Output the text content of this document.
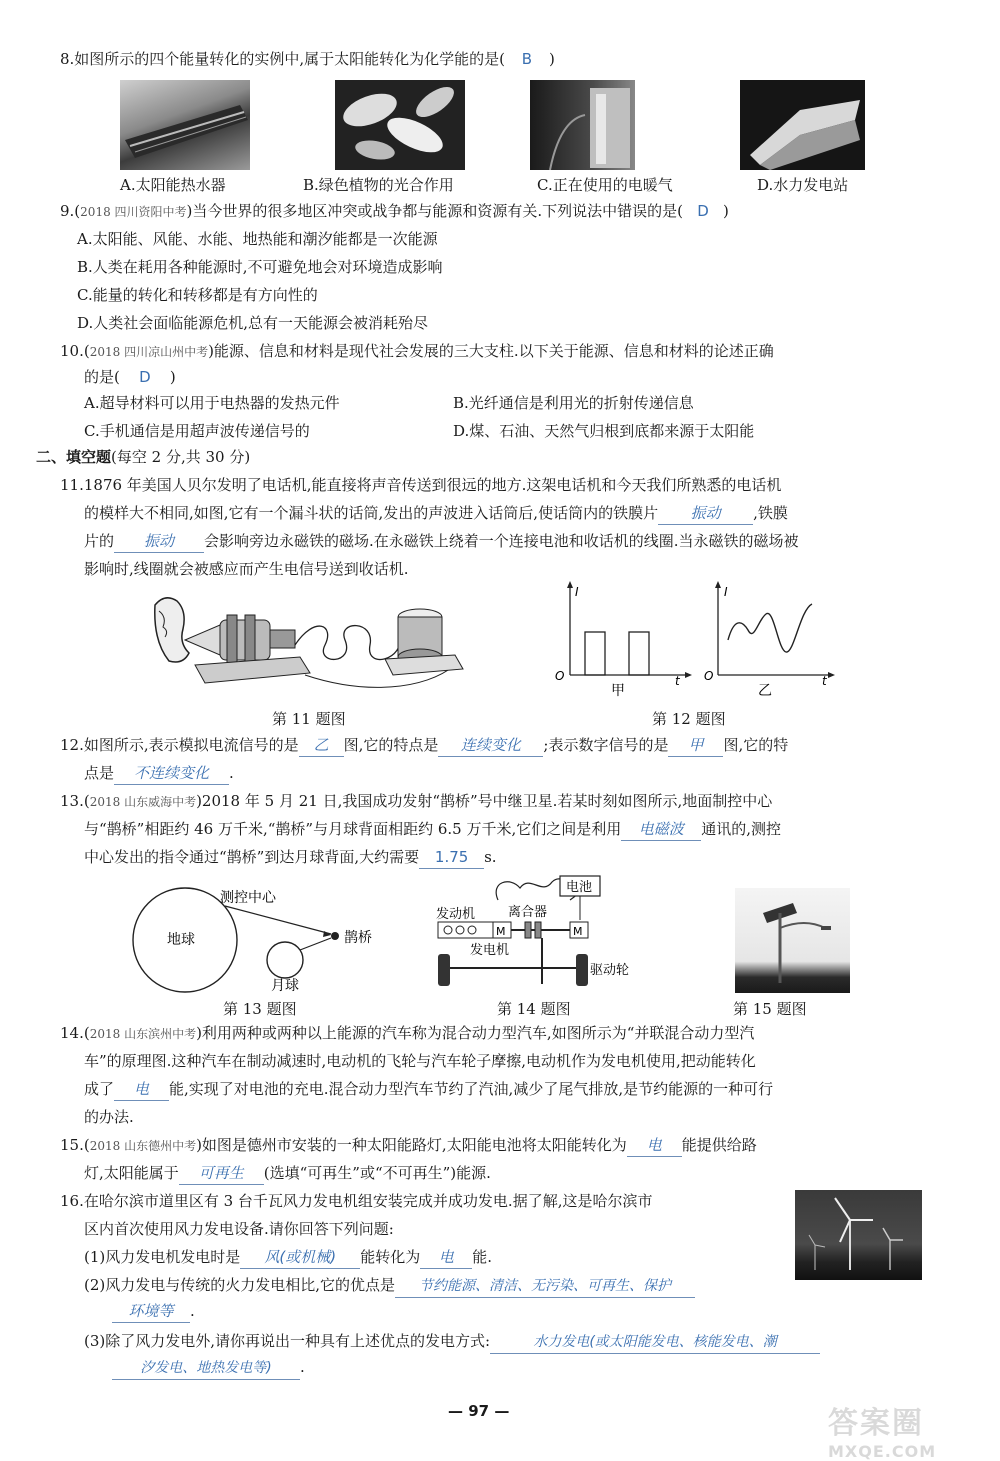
8.如图所示的四个能量转化的实例中,属于太阳能转化为化学能的是( B )
A.太阳能热水器	B.绿色植物的光合作用	C.正在使用的电暖气	D.水力发电站
9.(2018 四川资阳中考)当今世界的很多地区冲突或战争都与能源和资源有关.下列说法中错误的是( D )
A.太阳能、风能、水能、地热能和潮汐能都是一次能源
B.人类在耗用各种能源时,不可避免地会对环境造成影响
C.能量的转化和转移都是有方向性的
D.人类社会面临能源危机,总有一天能源会被消耗殆尽
10.(2018 四川凉山州中考)能源、信息和材料是现代社会发展的三大支柱.以下关于能源、信息和材料的论述正确
的是( D )
A.超导材料可以用于电热器的发热元件	B.光纤通信是利用光的折射传递信息
C.手机通信是用超声波传递信号的	D.煤、石油、天然气归根到底都来源于太阳能
二、填空题(每空 2 分,共 30 分)
11.1876 年美国人贝尔发明了电话机,能直接将声音传送到很远的地方.这架电话机和今天我们所熟悉的电话机
的模样大不相同,如图,它有一个漏斗状的话筒,发出的声波进入话筒后,使话筒内的铁膜片 振动 ,铁膜
片的 振动 会影响旁边永磁铁的磁场.在永磁铁上绕着一个连接电池和收话机的线圈.当永磁铁的磁场被
影响时,线圈就会被感应而产生电信号送到收话机.
第 11 题图
I
O	t
甲
I
O	t
乙
第 12 题图
12.如图所示,表示模拟电流信号的是 乙 图,它的特点是 连续变化 ;表示数字信号的是 甲 图,它的特
点是 不连续变化 .
13.(2018 山东威海中考)2018 年 5 月 21 日,我国成功发射“鹊桥”号中继卫星.若某时刻如图所示,地面制控中心
与“鹊桥”相距约 46 万千米,“鹊桥”与月球背面相距约 6.5 万千米,它们之间是利用 电磁波 通讯的,测控
中心发出的指令通过“鹊桥”到达月球背面,大约需要 1.75 s.
测控中心
地球	鹊桥
月球
第 13 题图
电池
发动机	离合器
M	M
发电机
驱动轮
第 14 题图	第 15 题图
14.(2018 山东滨州中考)利用两种或两种以上能源的汽车称为混合动力型汽车,如图所示为“并联混合动力型汽
车”的原理图.这种汽车在制动减速时,电动机的飞轮与汽车轮子摩擦,电动机作为发电机使用,把动能转化
成了 电 能,实现了对电池的充电.混合动力型汽车节约了汽油,减少了尾气排放,是节约能源的一种可行
的办法.
15.(2018 山东德州中考)如图是德州市安装的一种太阳能路灯,太阳能电池将太阳能转化为 电 能提供给路
灯,太阳能属于 可再生 (选填“可再生”或“不可再生”)能源.
16.在哈尔滨市道里区有 3 台千瓦风力发电机组安装完成并成功发电.据了解,这是哈尔滨市
区内首次使用风力发电设备.请你回答下列问题:
(1)风力发电机发电时是 风(或机械) 能转化为 电 能.
(2)风力发电与传统的火力发电相比,它的优点是 节约能源、清洁、无污染、可再生、保护
环境等 .
(3)除了风力发电外,请你再说出一种具有上述优点的发电方式:	水力发电(或太阳能发电、核能发电、潮
汐发电、地热发电等) .
— 97 —	答案圈
MXQE.COM
